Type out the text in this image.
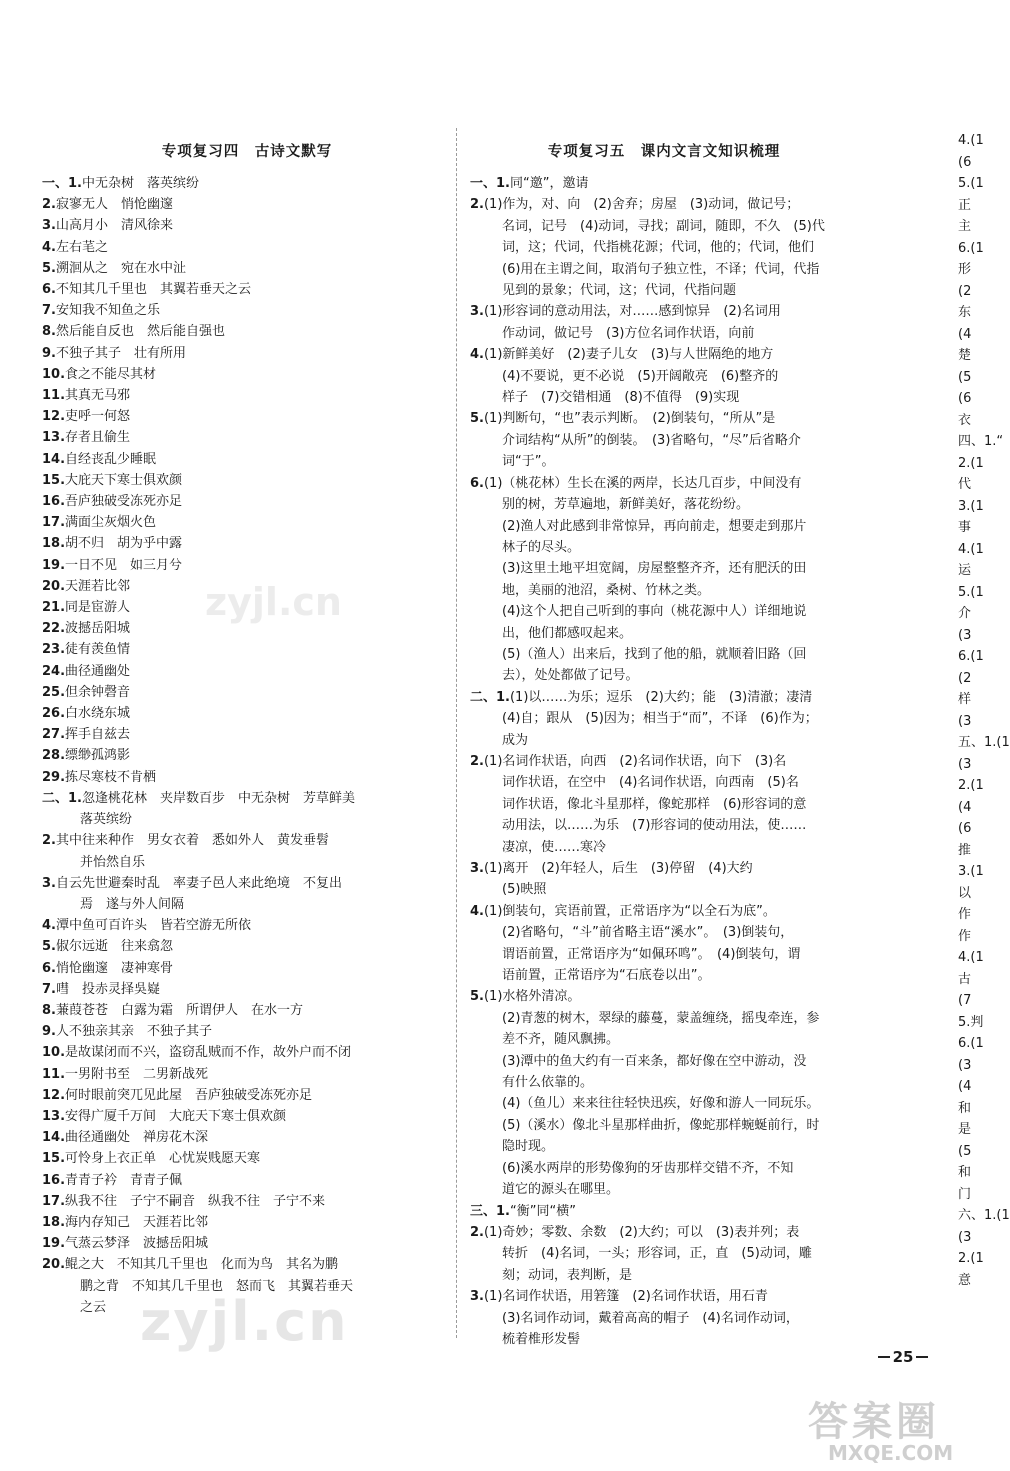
专项复习四　古诗文默写
一、1.中无杂树　落英缤纷
2.寂寥无人　悄怆幽邃
3.山高月小　清风徐来
4.左右芼之
5.溯洄从之　宛在水中沚
6.不知其几千里也　其翼若垂天之云
7.安知我不知鱼之乐
8.然后能自反也　然后能自强也
9.不独子其子　壮有所用
10.食之不能尽其材
11.其真无马邪
12.吏呼一何怒
13.存者且偷生
14.自经丧乱少睡眠
15.大庇天下寒士俱欢颜
16.吾庐独破受冻死亦足
17.满面尘灰烟火色
18.胡不归　胡为乎中露
19.一日不见　如三月兮
20.天涯若比邻
21.同是宦游人
22.波撼岳阳城
23.徒有羡鱼情
24.曲径通幽处
25.但余钟磬音
26.白水绕东城
27.挥手自兹去
28.缥缈孤鸿影
29.拣尽寒枝不肯栖
二、1.忽逢桃花林　夹岸数百步　中无杂树　芳草鲜美
落英缤纷
2.其中往来种作　男女衣着　悉如外人　黄发垂髫
并怡然自乐
3.自云先世避秦时乱　率妻子邑人来此绝境　不复出
焉　遂与外人间隔
4.潭中鱼可百许头　皆若空游无所依
5.俶尔远逝　往来翕忽
6.悄怆幽邃　凄神寒骨
7.嘒　投赤灵择吳嶷
8.蒹葭苍苍　白露为霜　所谓伊人　在水一方
9.人不独亲其亲　不独子其子
10.是故谋闭而不兴，盗窃乱贼而不作，故外户而不闭
11.一男附书至　二男新战死
12.何时眼前突兀见此屋　吾庐独破受冻死亦足
13.安得广厦千万间　大庇天下寒士俱欢颜
14.曲径通幽处　禅房花木深
15.可怜身上衣正单　心忧炭贱愿天寒
16.青青子衿　青青子佩
17.纵我不往　子宁不嗣音　纵我不往　子宁不来
18.海内存知己　天涯若比邻
19.气蒸云梦泽　波撼岳阳城
20.鲲之大　不知其几千里也　化而为鸟　其名为鹏
鹏之背　不知其几千里也　怒而飞　其翼若垂天
之云
专项复习五　课内文言文知识梳理
一、1.同“邀”，邀请
2.(1)作为，对、向　(2)舍弃；房屋　(3)动词，做记号；
名词，记号　(4)动词，寻找；副词，随即，不久　(5)代
词，这；代词，代指桃花源；代词，他的；代词，他们
(6)用在主谓之间，取消句子独立性，不译；代词，代指
见到的景象；代词，这；代词，代指问题
3.(1)形容词的意动用法，对……感到惊异　(2)名词用
作动词，做记号　(3)方位名词作状语，向前
4.(1)新鲜美好　(2)妻子儿女　(3)与人世隔绝的地方
(4)不要说，更不必说　(5)开阔敞亮　(6)整齐的
样子　(7)交错相通　(8)不值得　(9)实现
5.(1)判断句，“也”表示判断。　(2)倒装句，“所从”是
介词结构“从所”的倒装。　(3)省略句，“尽”后省略介
词“于”。
6.(1)（桃花林）生长在溪的两岸，长达几百步，中间没有
别的树，芳草遍地，新鲜美好，落花纷纷。
(2)渔人对此感到非常惊异，再向前走，想要走到那片
林子的尽头。
(3)这里土地平坦宽阔，房屋整整齐齐，还有肥沃的田
地，美丽的池沼，桑树、竹林之类。
(4)这个人把自己听到的事向（桃花源中人）详细地说
出，他们都感叹起来。
(5)（渔人）出来后，找到了他的船，就顺着旧路（回
去），处处都做了记号。
二、1.(1)以……为乐；逗乐　(2)大约；能　(3)清澈；凄清
(4)自；跟从　(5)因为；相当于“而”，不译　(6)作为；
成为
2.(1)名词作状语，向西　(2)名词作状语，向下　(3)名
词作状语，在空中　(4)名词作状语，向西南　(5)名
词作状语，像北斗星那样，像蛇那样　(6)形容词的意
动用法，以……为乐　(7)形容词的使动用法，使……
凄凉，使……寒冷
3.(1)离开　(2)年轻人，后生　(3)停留　(4)大约
(5)映照
4.(1)倒装句，宾语前置，正常语序为“以全石为底”。
(2)省略句，“斗”前省略主语“溪水”。　(3)倒装句，
谓语前置，正常语序为“如佩环鸣”。　(4)倒装句，谓
语前置，正常语序为“石底卷以出”。
5.(1)水格外清凉。
(2)青葱的树木，翠绿的藤蔓，蒙盖缠绕，摇曳牵连，参
差不齐，随风飘拂。
(3)潭中的鱼大约有一百来条，都好像在空中游动，没
有什么依靠的。
(4)（鱼儿）来来往往轻快迅疾，好像和游人一同玩乐。
(5)（溪水）像北斗星那样曲折，像蛇那样蜿蜒前行，时
隐时现。
(6)溪水两岸的形势像狗的牙齿那样交错不齐，不知
道它的源头在哪里。
三、1.“衡”同“横”
2.(1)奇妙；零数、余数　(2)大约；可以　(3)表并列；表
转折　(4)名词，一头；形容词，正，直　(5)动词，雕
刻；动词，表判断，是
3.(1)名词作状语，用箬篷　(2)名词作状语，用石青
(3)名词作动词，戴着高高的帽子　(4)名词作动词，
梳着椎形发髻
4.(1
(6
5.(1
正
主
6.(1
形
(2
东
(4
楚
(5
(6
衣
四、1.“
2.(1
代
3.(1
事
4.(1
运
5.(1
介
(3
6.(1
(2
样
(3
五、1.(1
(3
2.(1
(4
(6
推
3.(1
以
作
作
4.(1
古
(7
5.判
6.(1
(3
(4
和
是
(5
和
门
六、1.(1
(3
2.(1
意
zyjl.cn
zyjl.cn
25
答案圈
MXQE.COM
